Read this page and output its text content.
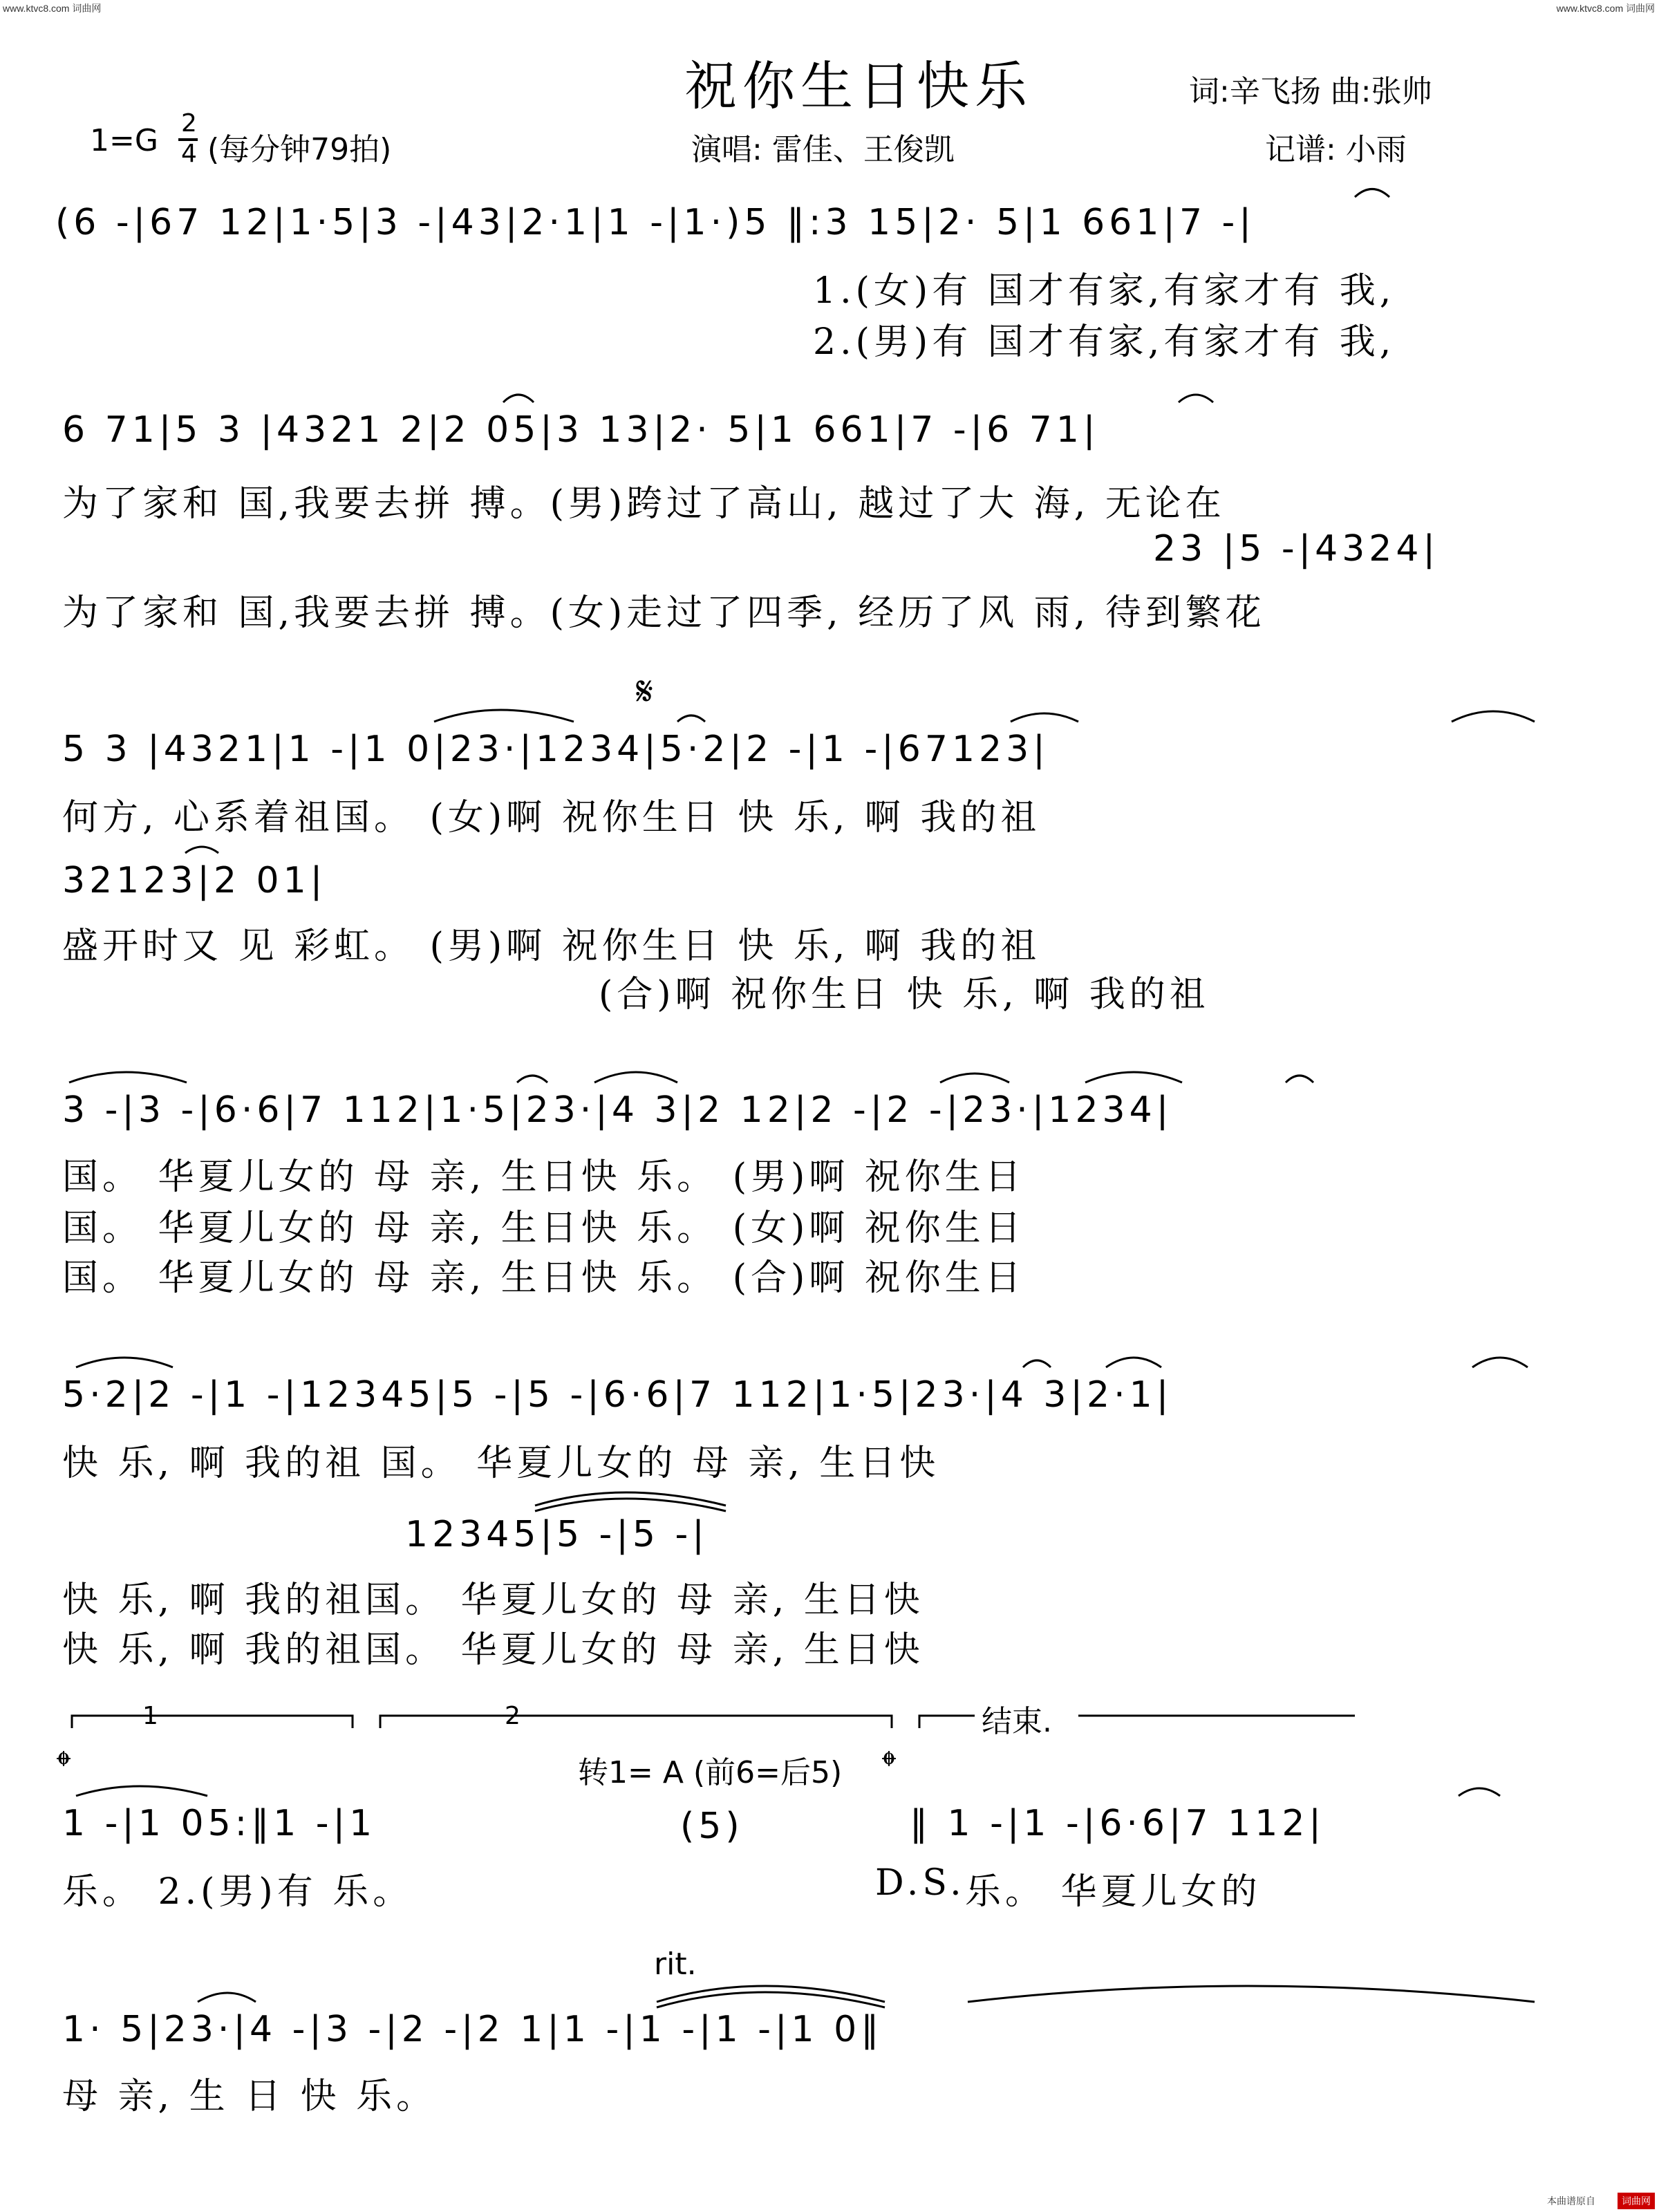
www.ktvc8.com 词曲网	www.ktvc8.com 词曲网
祝你生日快乐	词:辛飞扬 曲:张帅
1=G 2
4 (每分钟79拍)	演唱: 雷佳、王俊凯	记谱: 小雨
(6 -|67 12|1·5|3 -|43|2·1|1 -|1·)5 ‖:3 15|2· 5|1 661|7 -|
1.(女)有 国才有家,有家才有 我,
2.(男)有 国才有家,有家才有 我,
6 71|5 3 |4321 2|2 05|3 13|2· 5|1 661|7 -|6 71|
为了家和 国,我要去拼 搏。(男)跨过了高山, 越过了大 海, 无论在
23 |5 -|4324|
为了家和 国,我要去拼 搏。(女)走过了四季, 经历了风 雨, 待到繁花
𝄋
5 3 |4321|1 -|1 0|23·|1234|5·2|2 -|1 -|67123|
何方, 心系着祖国。 (女)啊 祝你生日 快 乐, 啊 我的祖
32123|2 01|
盛开时又 见 彩虹。 (男)啊 祝你生日 快 乐, 啊 我的祖
(合)啊 祝你生日 快 乐, 啊 我的祖
3 -|3 -|6·6|7 112|1·5|23·|4 3|2 12|2 -|2 -|23·|1234|
国。 华夏儿女的 母 亲, 生日快 乐。 (男)啊 祝你生日
国。 华夏儿女的 母 亲, 生日快 乐。 (女)啊 祝你生日
国。 华夏儿女的 母 亲, 生日快 乐。 (合)啊 祝你生日
5·2|2 -|1 -|12345|5 -|5 -|6·6|7 112|1·5|23·|4 3|2·1|
快 乐, 啊 我的祖 国。 华夏儿女的 母 亲, 生日快
12345|5 -|5 -|
快 乐, 啊 我的祖国。 华夏儿女的 母 亲, 生日快
快 乐, 啊 我的祖国。 华夏儿女的 母 亲, 生日快
1	2	结束.
𝄌	转1= A (前6=后5) 𝄌
1 -|1 05:‖1 -|1	(5)	‖ 1 -|1 -|6·6|7 112|
乐。 2.(男)有 乐。	D.S. 乐。 华夏儿女的
rit.
1· 5|23·|4 -|3 -|2 -|2 1|1 -|1 -|1 -|1 0‖
母 亲, 生 日 快 乐。
本曲谱原自	词曲网
